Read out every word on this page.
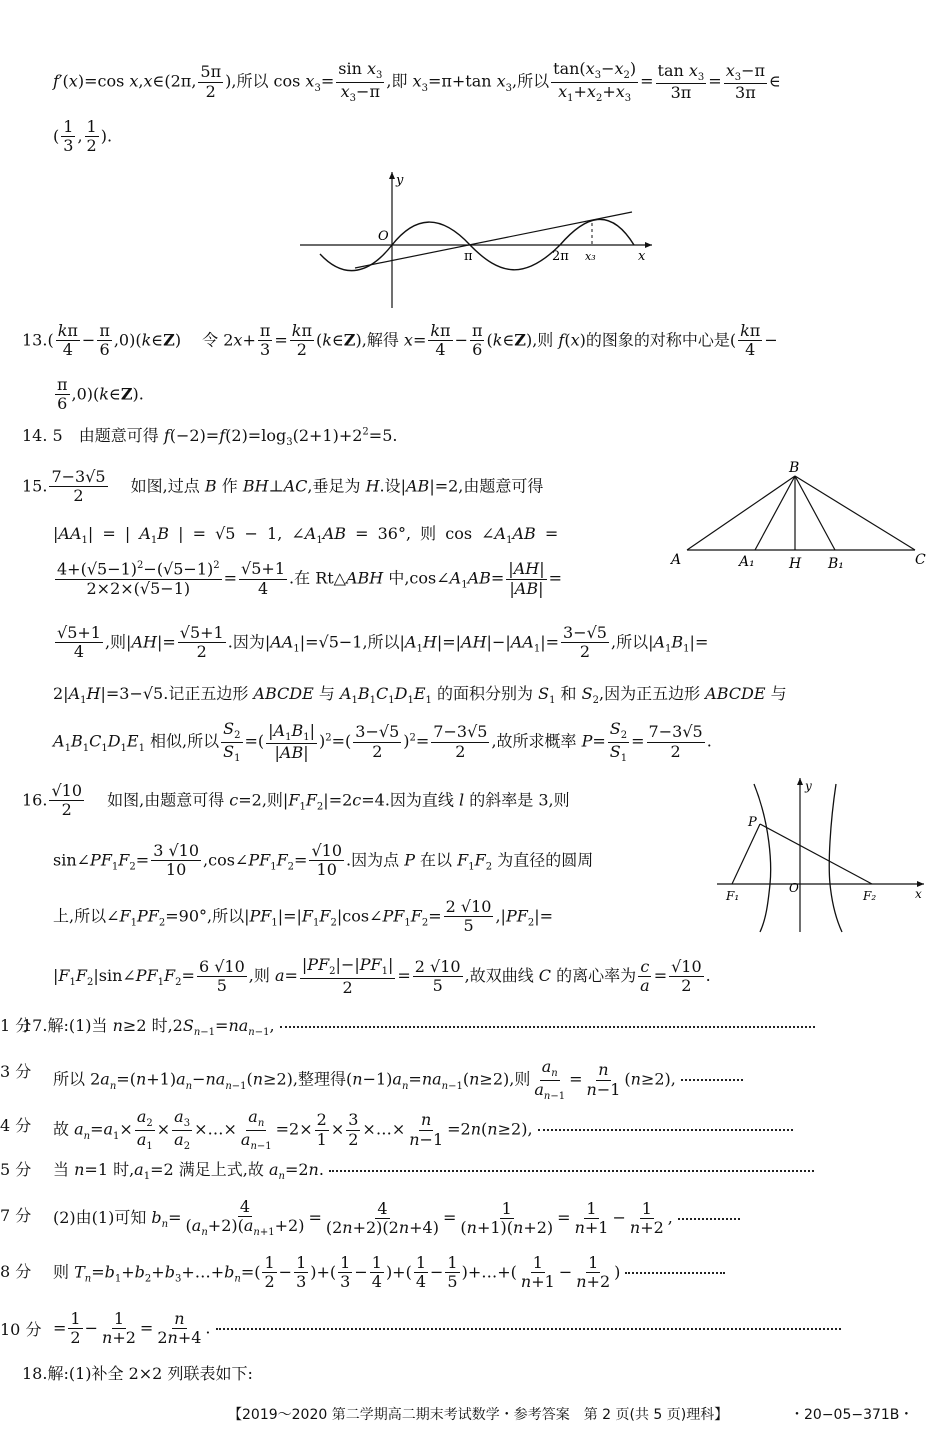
f′(x)=cos x,x∈(2π, $\frac{5\pi}{2}$ ),所以 $\cos x_3= \frac{\sin x_3}{x_3-\pi}$ ,即 $x_3=\pi+\tan$ $x_3$,所以 $\frac{\tan(x_3-x_2)}{x_1+x_2+x_3} = \frac{\tan x_3}{3\pi} = \frac{x_3-\pi}{3\pi}$ ∈
( $\frac{1}{3}$ , $\frac{1}{2}$ ).
y
O
π	2π x₃	x
$13.( \frac{k\pi}{4} - \frac{\pi}{6}$ ,0)(k∈Z)　 令 $2x+ \frac{\pi}{3} = \frac{k\pi}{2}$ (k∈Z),解得 $x= \frac{k\pi}{4} - \frac{\pi}{6}$ (k∈Z),则 f(x)的图象的对称中心是( $\frac{k\pi}{4}$ −
$\frac{\pi}{6}$ ,0)(k∈Z).
14. 5　由题意可得 $f(-2)=f(2)=\log_3(2+1)+2^2=5$.
15. $\frac{7-3√5}{2}$ 　 如图,过点 B 作 BH⊥AC,垂足为 H.设|AB|=2,由题意可得
$|AA_1|$ = | $A_1B$ | = √5 − 1, $\angle A_1AB = 36^\circ$, 则 $\cos \angle A_1AB$ =
$\frac{4+(√5-1)^2-(√5-1)^2}{2\times 2\times(√5-1)} = \frac{√5+1}{4}$ .在 Rt△ABH 中$,\cos\angle A_1AB= \frac{|AH|}{|AB|}$ =
$\frac{√5+1}{4}$ ,则$|AH|= \frac{√5+1}{2}$ .因为$|AA_1|=√5-1$,所以$|A_1H|=|AH|-|AA_1|= \frac{3-√5}{2}$ ,所以$|A_1B_1|=$
$2|A_1H|=3-√5$.记正五边形 ABCDE 与 $A_1B_1C_1D_1E_1$ 的面积分别为 $S_1$ 和 $S_2$,因为正五边形 ABCDE 与
$A_1B_1C_1D_1E_1$ 相似,所以 $\frac{S_2}{S_1}$ =( $\frac{|A_1B_1|}{|AB|} )^2=( \frac{3-√5}{2} )^2= \frac{7-3√5}{2}$ ,故所求概率 $P= \frac{S_2}{S_1} = \frac{7-3√5}{2}$ .
B
A	A₁ H B₁	C
16. $\frac{√10}{2}$ 　 如图,由题意可得 c=2,则$|F_1F_2|=2c=4$.因为直线 l 的斜率是 3,则
$\sin\angle PF_1F_2= \frac{3 √10}{10}$ $,\cos\angle PF_1F_2= \frac{√10}{10}$ .因为点 P 在以 $F_1F_2$ 为直径的圆周
上,所以$\angle F_1PF_2=90^\circ$,所以$|PF_1|=|F_1F_2|\cos\angle PF_1F_2= \frac{2 √10}{5} ,|PF_2|=$
$|F_1F_2|\sin\angle PF_1F_2= \frac{6 √10}{5}$ ,则 $a= \frac{|PF_2|-|PF_1|}{2} = \frac{2 √10}{5}$ ,故双曲线 C 的离心率为 $\frac{c}{a} = \frac{√10}{2}$ .
y
P
F₁
O
F₂	x
17.解:(1)当 n≥2 时$,2S_{n-1}=na_{n-1}$,
1 分
所以 $2a_n=(n+1)a_n-na_{n-1}(n\ge 2)$,整理得$(n-1)a_n=na_{n-1}(n\ge 2)$,则 $\frac{a_n}{a_{n-1}} = \frac{n}{n-1} (n\ge 2)$,
3 分
故 $a_n=a_1\times \frac{a_2}{a_1} \times \frac{a_3}{a_2}$ ×…× $\frac{a_n}{a_{n-1}} =2\times \frac{2}{1} \times \frac{3}{2}$ ×…× $\frac{n}{n-1} =2n(n\ge 2)$,
4 分
当 n=1 时$,a_1=2$ 满足上式,故 $a_n=2n$.
5 分
(2)由(1)可知 $b_n= \frac{4}{(a_n+2)(a_{n+1}+2)} = \frac{4}{(2n+2)(2n+4)} = \frac{1}{(n+1)(n+2)} = \frac{1}{n+1} - \frac{1}{n+2}$ ,
7 分
则 $T_n=b_1+b_2+b_3+\dots+b_n=( \frac{1}{2} - \frac{1}{3}$ )+( $\frac{1}{3} - \frac{1}{4}$ )+( $\frac{1}{4} - \frac{1}{5}$ )+…+( $\frac{1}{n+1} - \frac{1}{n+2}$ )
8 分
= $\frac{1}{2} - \frac{1}{n+2} = \frac{n}{2n+4}$ .
10 分
18.解:(1)补全 2×2 列联表如下:
【2019～2020 第二学期高二期末考试数学・参考答案　第 2 页(共 5 页)理科】	・20−05−371B・
